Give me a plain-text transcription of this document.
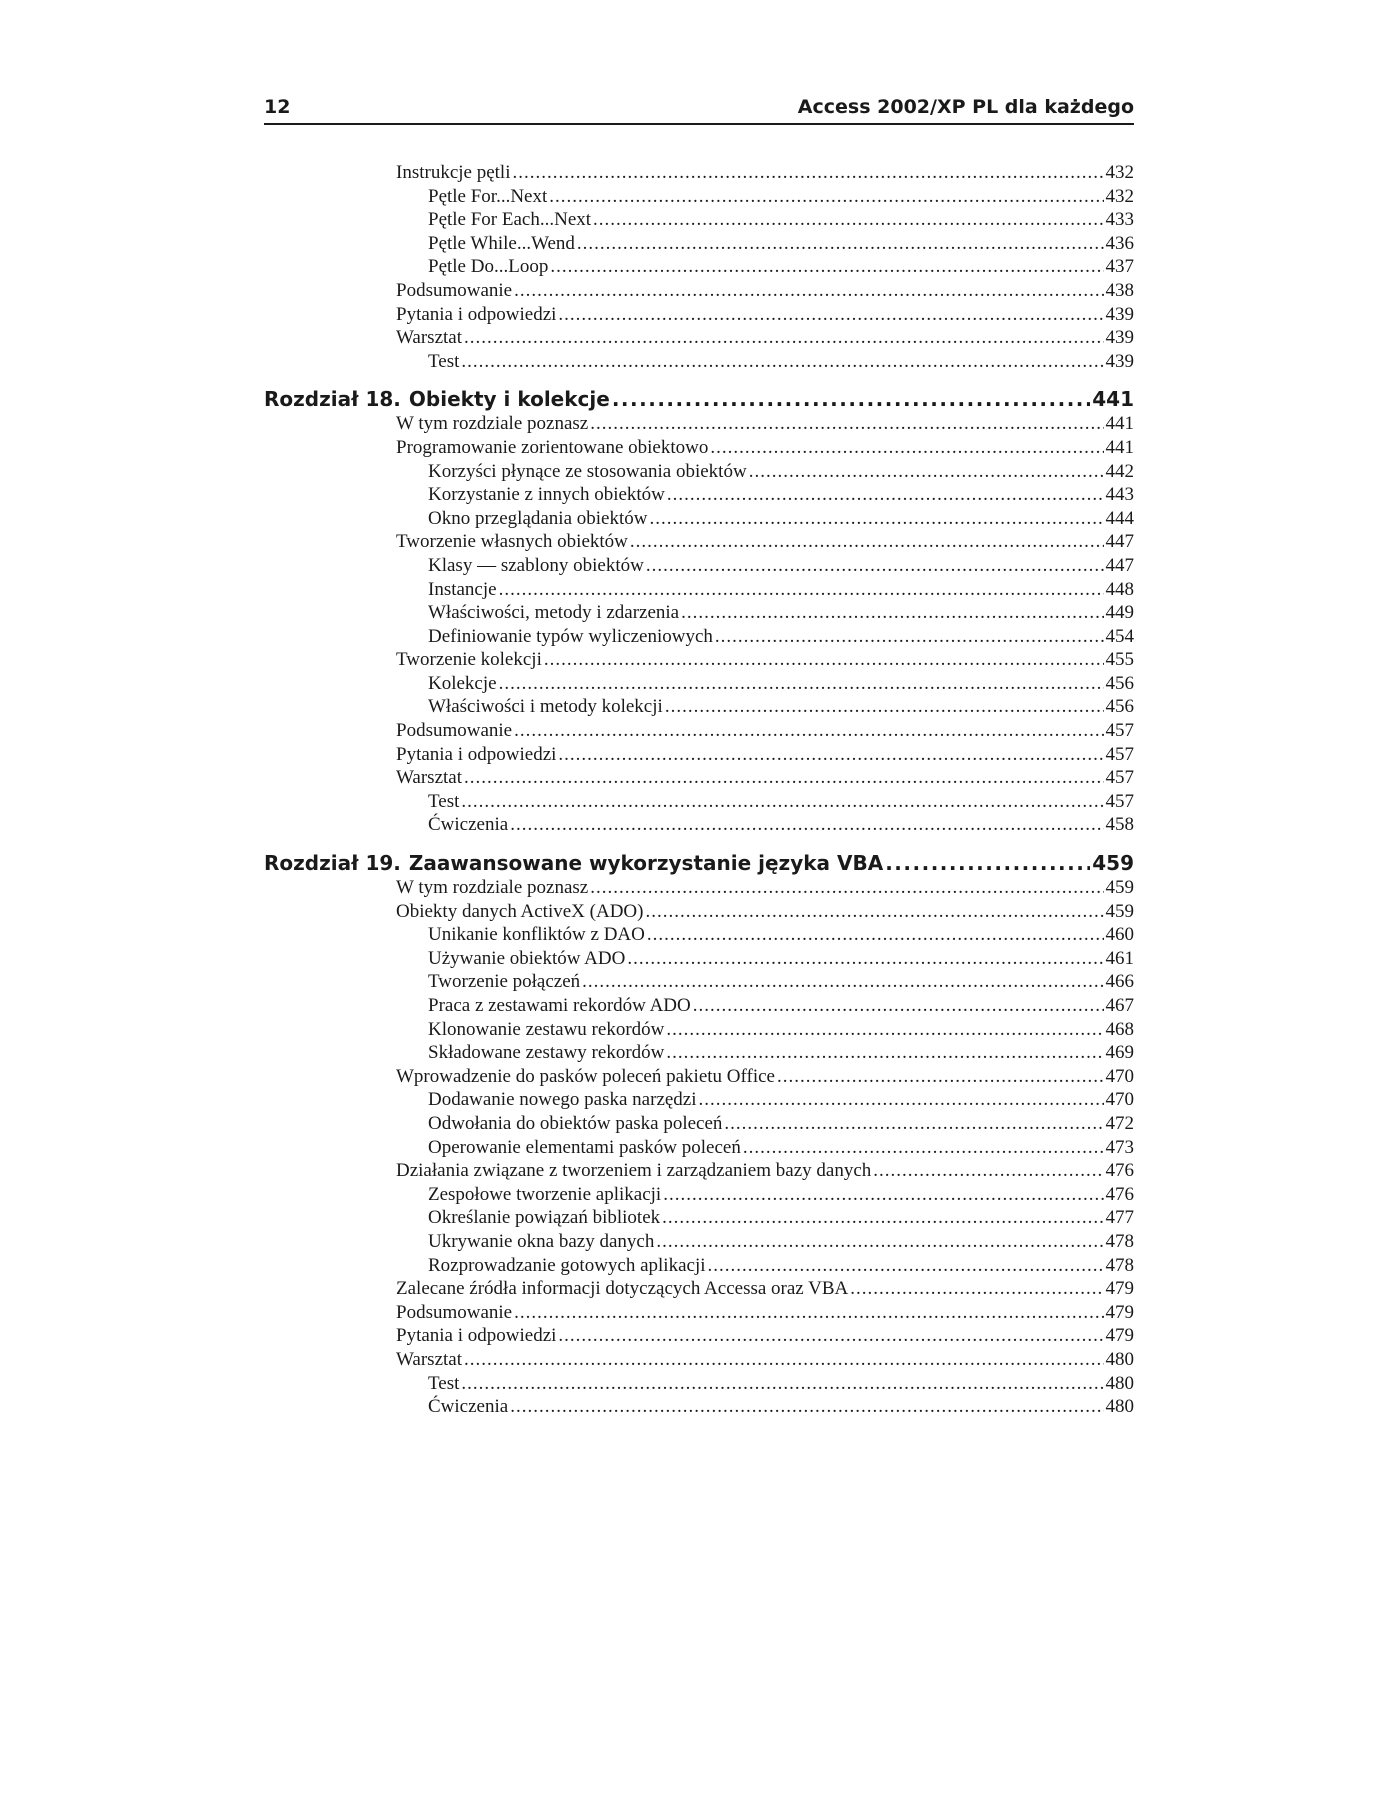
12	Access 2002/XP PL dla każdego
Instrukcje pętli .....	432
Pętle For...Next .....	432
Pętle For Each...Next .....	433
Pętle While...Wend .....	436
Pętle Do...Loop .....	437
Podsumowanie .....	438
Pytania i odpowiedzi .....	439
Warsztat .....	439
Test .....	439
Rozdział 18. Obiekty i kolekcje .....	441
W tym rozdziale poznasz .....	441
Programowanie zorientowane obiektowo .....	441
Korzyści płynące ze stosowania obiektów .....	442
Korzystanie z innych obiektów .....	443
Okno przeglądania obiektów .....	444
Tworzenie własnych obiektów .....	447
Klasy — szablony obiektów .....	447
Instancje .....	448
Właściwości, metody i zdarzenia .....	449
Definiowanie typów wyliczeniowych .....	454
Tworzenie kolekcji .....	455
Kolekcje .....	456
Właściwości i metody kolekcji .....	456
Podsumowanie .....	457
Pytania i odpowiedzi .....	457
Warsztat .....	457
Test .....	457
Ćwiczenia .....	458
Rozdział 19. Zaawansowane wykorzystanie języka VBA .....	459
W tym rozdziale poznasz .....	459
Obiekty danych ActiveX (ADO) .....	459
Unikanie konfliktów z DAO .....	460
Używanie obiektów ADO .....	461
Tworzenie połączeń .....	466
Praca z zestawami rekordów ADO .....	467
Klonowanie zestawu rekordów .....	468
Składowane zestawy rekordów .....	469
Wprowadzenie do pasków poleceń pakietu Office .....	470
Dodawanie nowego paska narzędzi .....	470
Odwołania do obiektów paska poleceń .....	472
Operowanie elementami pasków poleceń .....	473
Działania związane z tworzeniem i zarządzaniem bazy danych .....	476
Zespołowe tworzenie aplikacji .....	476
Określanie powiązań bibliotek .....	477
Ukrywanie okna bazy danych .....	478
Rozprowadzanie gotowych aplikacji .....	478
Zalecane źródła informacji dotyczących Accessa oraz VBA .....	479
Podsumowanie .....	479
Pytania i odpowiedzi .....	479
Warsztat .....	480
Test .....	480
Ćwiczenia .....	480
